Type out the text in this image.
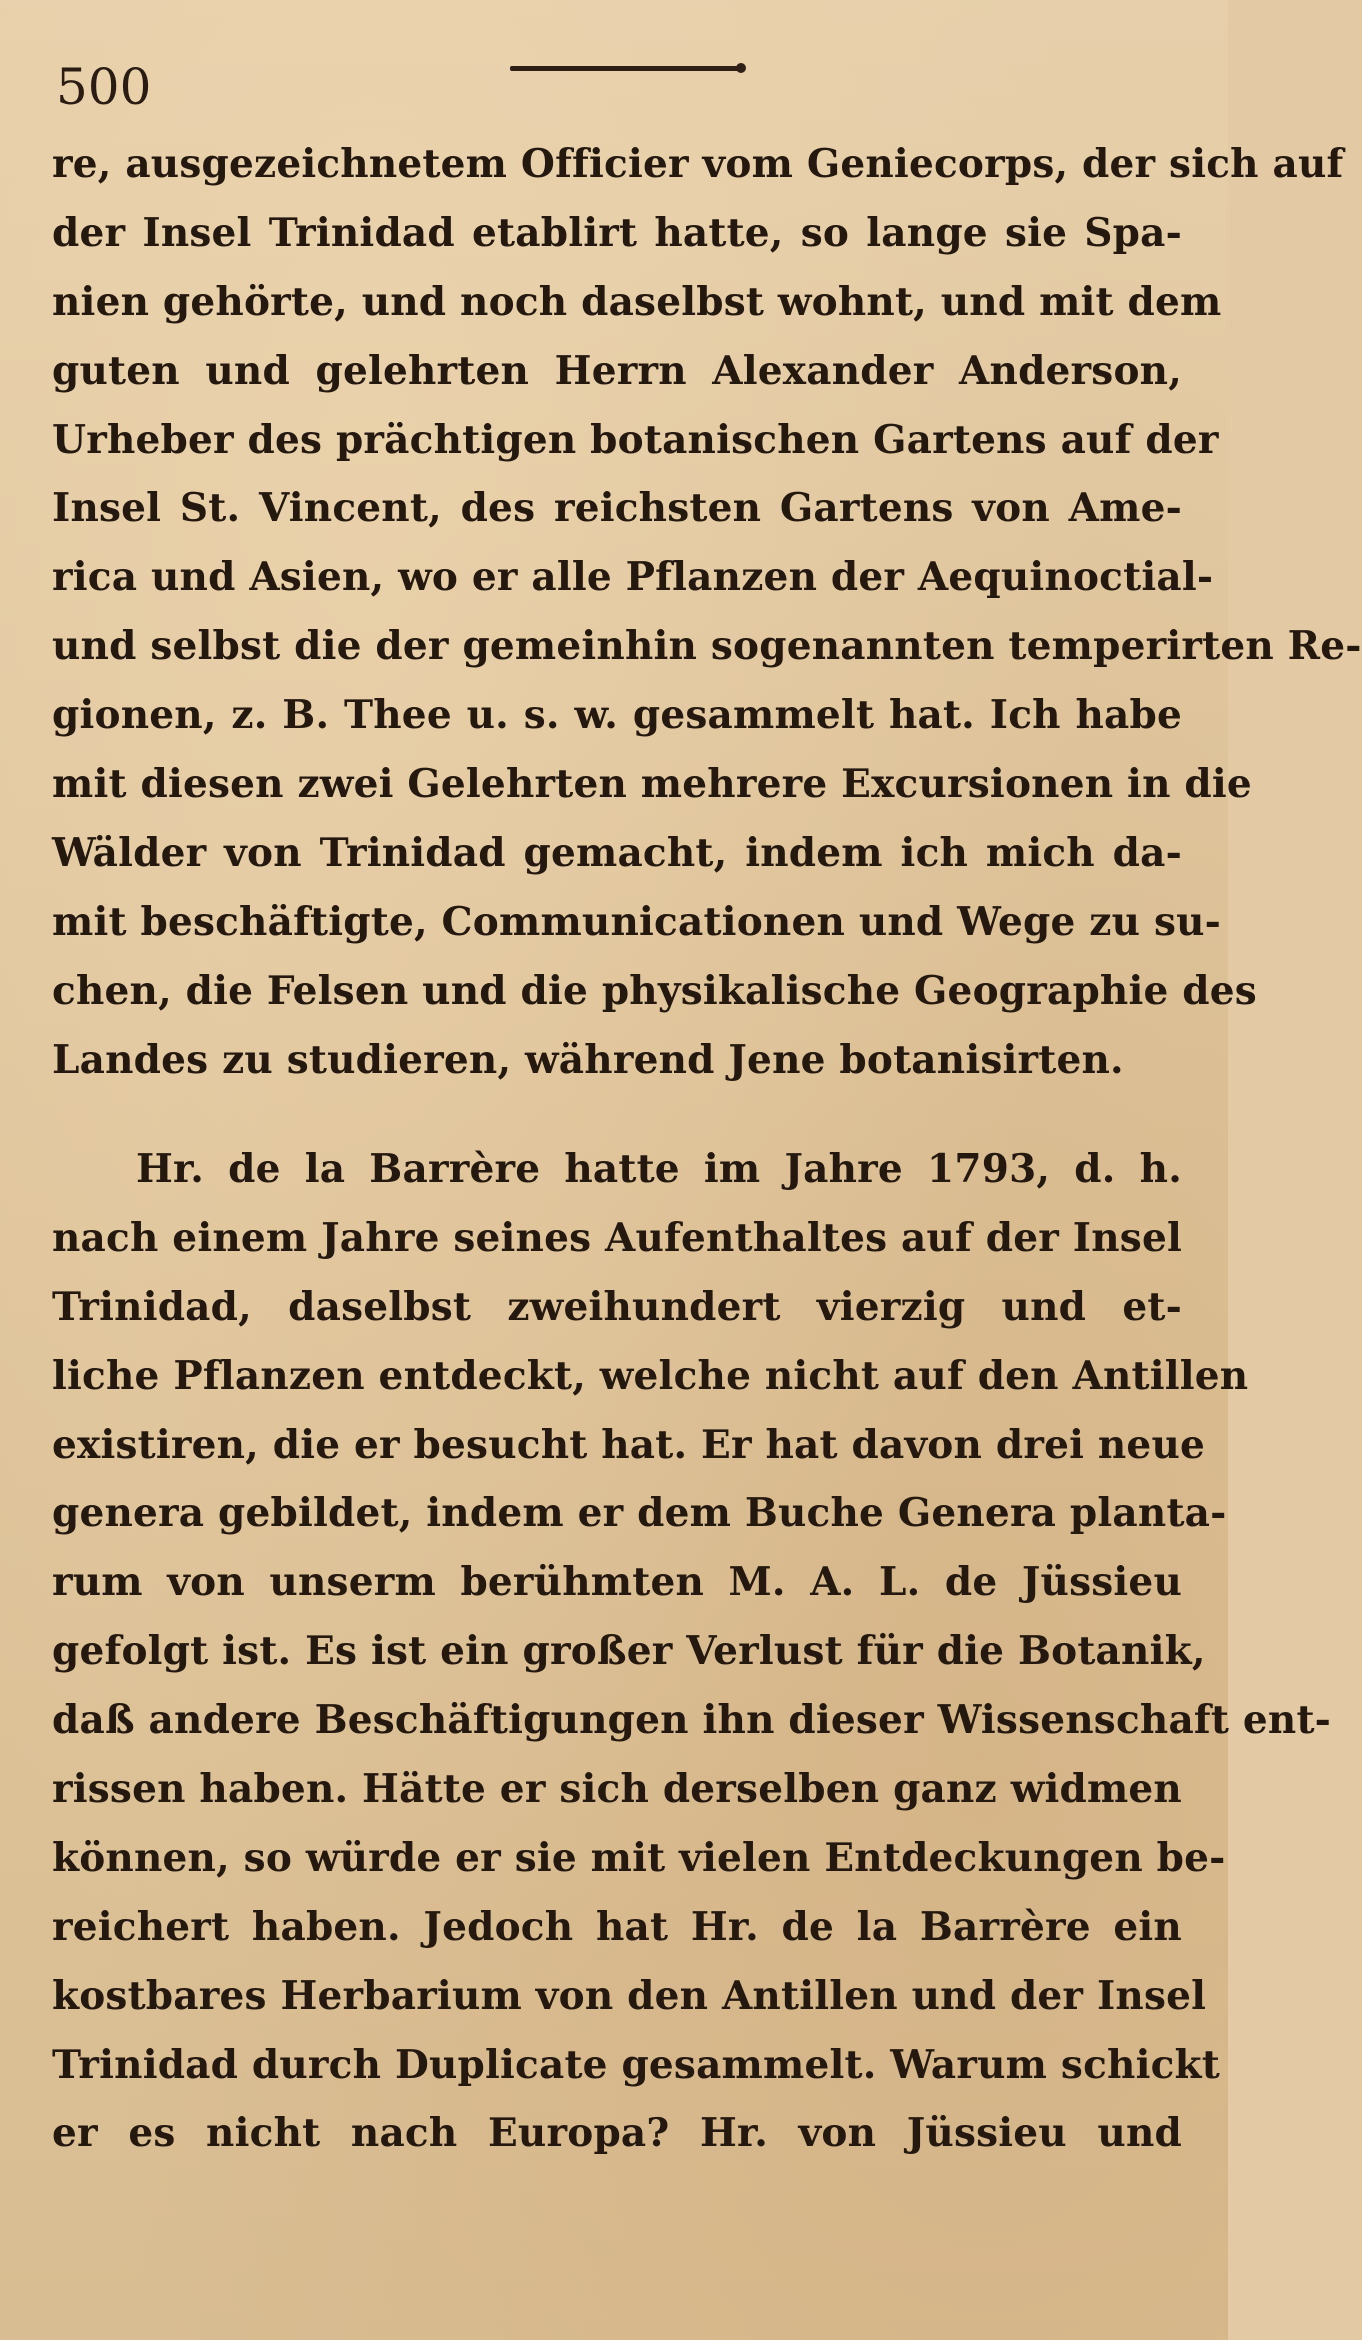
500
re, ausgezeichnetem Officier vom Geniecorps, der sich auf
der Insel Trinidad etablirt hatte, so lange sie Spa-
nien gehörte, und noch daselbst wohnt, und mit dem
guten und gelehrten Herrn Alexander Anderson,
Urheber des prächtigen botanischen Gartens auf der
Insel St. Vincent, des reichsten Gartens von Ame-
rica und Asien, wo er alle Pflanzen der Aequinoctial-
und selbst die der gemeinhin sogenannten temperirten Re-
gionen, z. B. Thee u. s. w. gesammelt hat. Ich habe
mit diesen zwei Gelehrten mehrere Excursionen in die
Wälder von Trinidad gemacht, indem ich mich da-
mit beschäftigte, Communicationen und Wege zu su-
chen, die Felsen und die physikalische Geographie des
Landes zu studieren, während Jene botanisirten.
Hr. de la Barrère hatte im Jahre 1793, d. h.
nach einem Jahre seines Aufenthaltes auf der Insel
Trinidad, daselbst zweihundert vierzig und et-
liche Pflanzen entdeckt, welche nicht auf den Antillen
existiren, die er besucht hat. Er hat davon drei neue
genera gebildet, indem er dem Buche Genera planta-
rum von unserm berühmten M. A. L. de Jüssieu
gefolgt ist. Es ist ein großer Verlust für die Botanik,
daß andere Beschäftigungen ihn dieser Wissenschaft ent-
rissen haben. Hätte er sich derselben ganz widmen
können, so würde er sie mit vielen Entdeckungen be-
reichert haben. Jedoch hat Hr. de la Barrère ein
kostbares Herbarium von den Antillen und der Insel
Trinidad durch Duplicate gesammelt. Warum schickt
er es nicht nach Europa? Hr. von Jüssieu und
